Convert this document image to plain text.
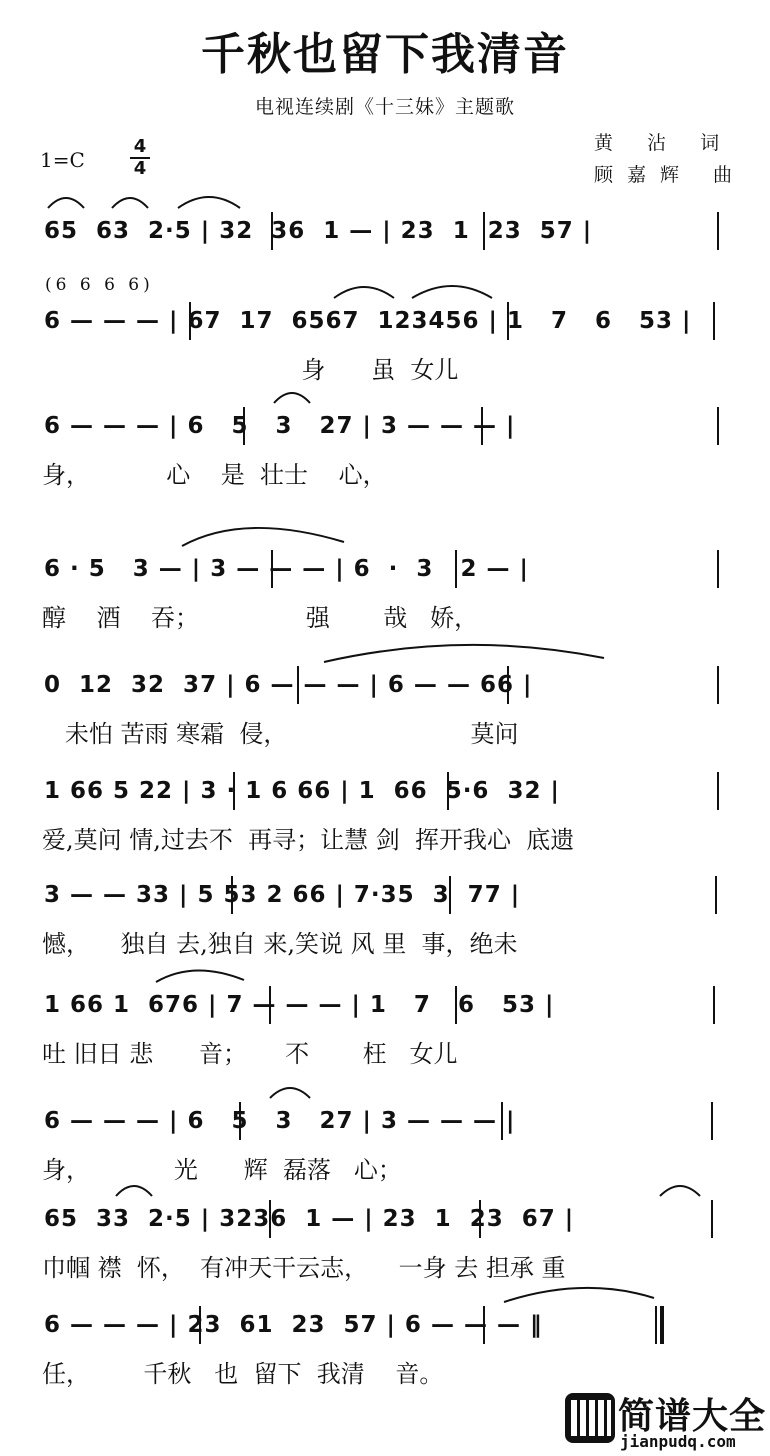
千秋也留下我清音
电视连续剧《十三妹》主题歌
1=C
4
4
黄 沾 词
顾嘉辉 曲
(6 6 6 6)
65  63  2·5 | 32  36  1 — | 23  1  23  57 |
6 — — — | 67  17  6567  123456 | 1   7   6   53 |
身      虽  女儿
6 — — — | 6   5   3   27 | 3 — — — |
身，          心    是  壮士    心，
6 · 5   3 — | 3 — — — | 6  ·  3   2 — |
醇    酒    吞；              强       哉   娇，
0  12  32  37 | 6 — — — | 6 — — 66 |
未怕 苦雨 寒霜  侵，                        莫问
1 66 5 22 | 3 · 1 6 66 | 1  66  5·6  32 |
爱,莫问 情,过去不  再寻；让慧 剑  挥开我心  底遗
3 — — 33 | 5 53 2 66 | 7·35  3  77 |
憾，    独自 去,独自 来,笑说 风 里  事，绝未
1 66 1  676 | 7 — — — | 1   7   6   53 |
吐 旧日 悲      音；     不       枉   女儿
6 — — — | 6   5   3   27 | 3 — — — |
身，           光      辉  磊落   心；
65  33  2·5 | 3236  1 — | 23  1  23  67 |
巾帼 襟  怀，  有冲天干云志，    一身 去 担承 重
6 — — — | 23  61  23  57 | 6 — — — ‖
任，       千秋   也  留下  我清    音。
简谱大全
jianpudq.com
